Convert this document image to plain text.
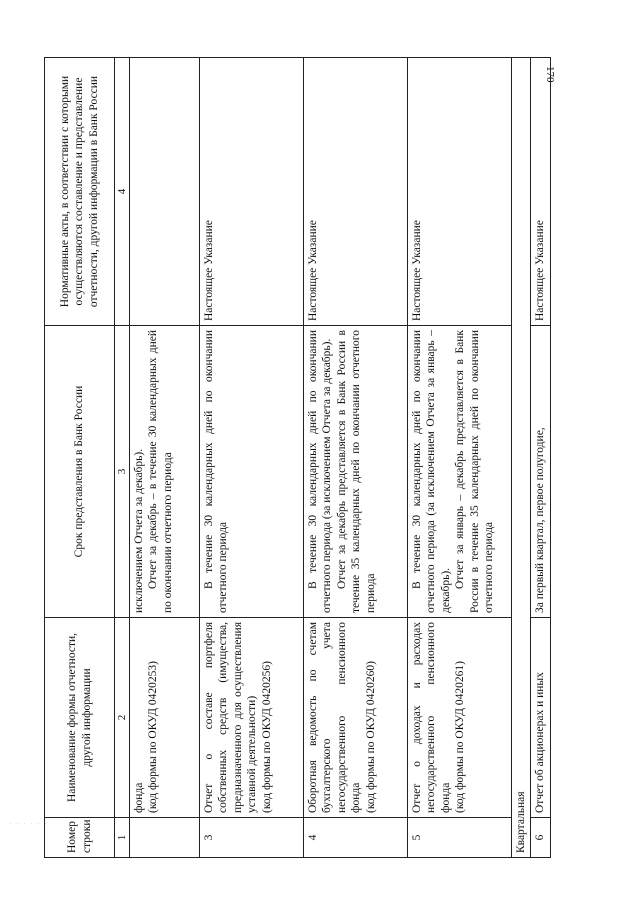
170
. . . . . . Номер строки	Наименование формы отчетности, другой информации	Срок представления в Банк России	Нормативные акты, в соответствии с которыми осуществляются составление и представление отчетности, другой информации в Банк России
1	2	3	4

	фонда (код формы по ОКУД 0420253)	исключением Отчета за декабрь). Отчет за декабрь – в течение 30 календарных дней по окончании отчетного периода	

3	Отчет о составе портфеля собственных средств (имущества, предназначенного для осуществления уставной деятельности) (код формы по ОКУД 0420256)	В течение 30 календарных дней по окончании отчетного периода	Настоящее Указание
4	Оборотная ведомость по счетам бухгалтерского учета негосударственного пенсионного фонда (код формы по ОКУД 0420260)	В течение 30 календарных дней по окончании отчетного периода (за исключением Отчета за декабрь). Отчет за декабрь представляется в Банк России в течение 35 календарных дней по окончании отчетного периода	Настоящее Указание
5	Отчет о доходах и расходах негосударственного пенсионного фонда (код формы по ОКУД 0420261)	В течение 30 календарных дней по окончании отчетного периода (за исключением Отчета за январь – декабрь).
Отчет за январь – декабрь представляется в Банк России в течение 35 календарных дней по окончании отчетного периода	Настоящее Указание
Квартальная			
6	Отчет об акционерах и иных	За первый квартал, первое полугодие,	Настоящее Указание
